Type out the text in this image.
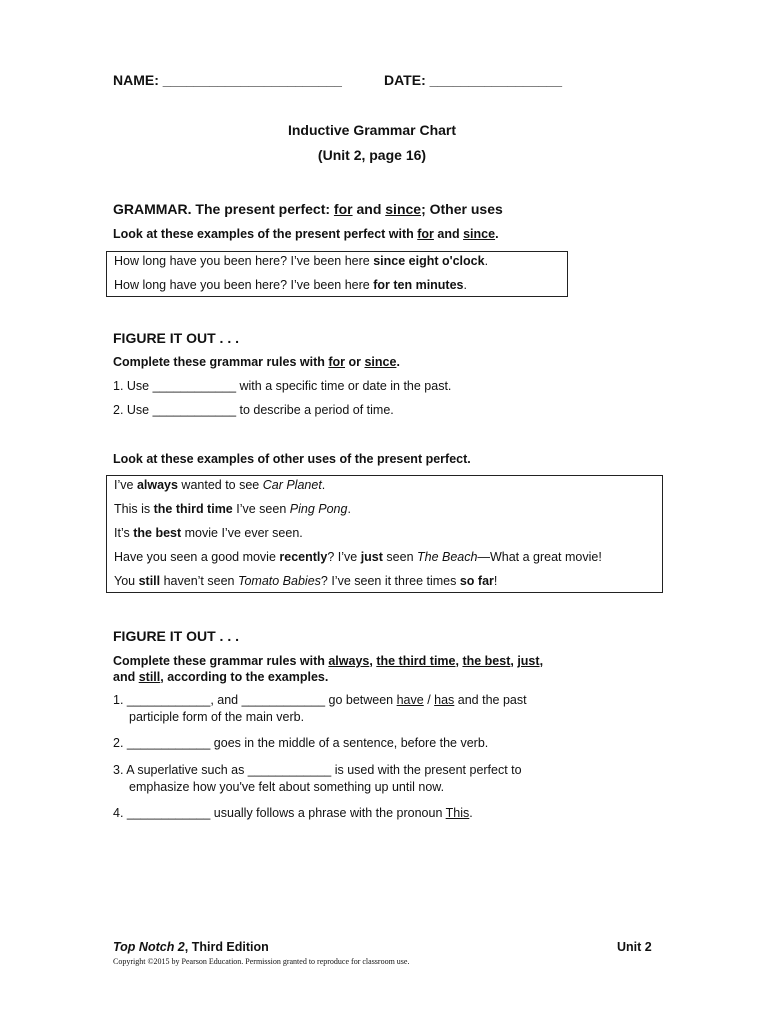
NAME: _______________________	DATE: _________________
Inductive Grammar Chart
(Unit 2, page 16)
GRAMMAR. The present perfect: for and since; Other uses
Look at these examples of the present perfect with for and since.
How long have you been here? I’ve been here since eight o'clock.
How long have you been here? I’ve been here for ten minutes.
FIGURE IT OUT . . .
Complete these grammar rules with for or since.
1. Use ____________ with a specific time or date in the past.
2. Use ____________ to describe a period of time.
Look at these examples of other uses of the present perfect.
I’ve always wanted to see Car Planet.
This is the third time I’ve seen Ping Pong.
It’s the best movie I’ve ever seen.
Have you seen a good movie recently? I’ve just seen The Beach—What a great movie!
You still haven’t seen Tomato Babies? I’ve seen it three times so far!
FIGURE IT OUT . . .
Complete these grammar rules with always, the third time, the best, just,
and still, according to the examples.
1. ____________, and ____________ go between have / has and the past
participle form of the main verb.
2. ____________ goes in the middle of a sentence, before the verb.
3. A superlative such as ____________ is used with the present perfect to
emphasize how you've felt about something up until now.
4. ____________ usually follows a phrase with the pronoun This.
Top Notch 2, Third Edition	Unit 2
Copyright ©2015 by Pearson Education. Permission granted to reproduce for classroom use.
